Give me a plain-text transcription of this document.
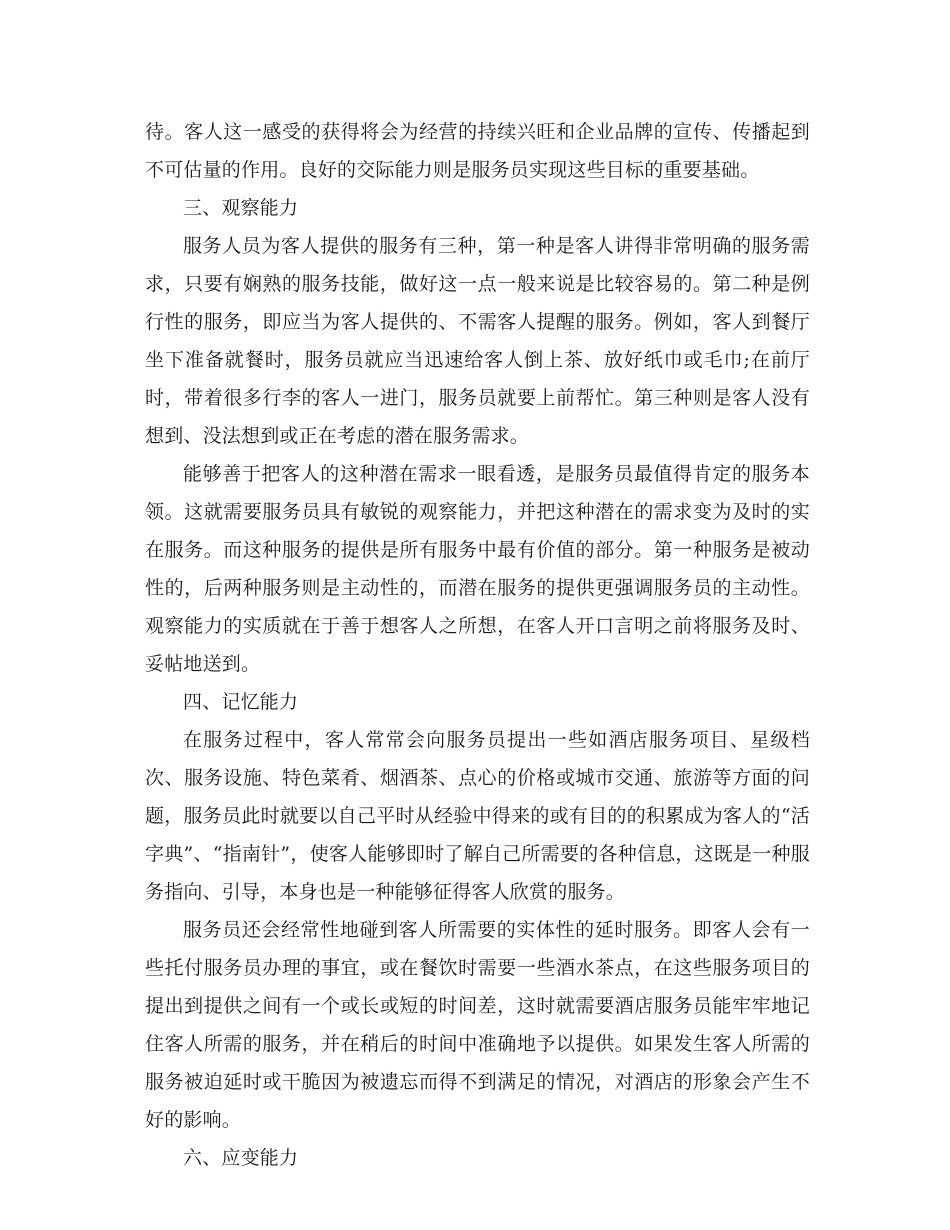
待。客人这一感受的获得将会为经营的持续兴旺和企业品牌的宣传、传播起到不可估量的作用。良好的交际能力则是服务员实现这些目标的重要基础。

三、观察能力

服务人员为客人提供的服务有三种，第一种是客人讲得非常明确的服务需求，只要有娴熟的服务技能，做好这一点一般来说是比较容易的。第二种是例行性的服务，即应当为客人提供的、不需客人提醒的服务。例如，客人到餐厅坐下准备就餐时，服务员就应当迅速给客人倒上茶、放好纸巾或毛巾;在前厅时，带着很多行李的客人一进门，服务员就要上前帮忙。第三种则是客人没有想到、没法想到或正在考虑的潜在服务需求。

能够善于把客人的这种潜在需求一眼看透，是服务员最值得肯定的服务本领。这就需要服务员具有敏锐的观察能力，并把这种潜在的需求变为及时的实在服务。而这种服务的提供是所有服务中最有价值的部分。第一种服务是被动性的，后两种服务则是主动性的，而潜在服务的提供更强调服务员的主动性。观察能力的实质就在于善于想客人之所想，在客人开口言明之前将服务及时、妥帖地送到。

四、记忆能力

在服务过程中，客人常常会向服务员提出一些如酒店服务项目、星级档次、服务设施、特色菜肴、烟酒茶、点心的价格或城市交通、旅游等方面的问题，服务员此时就要以自己平时从经验中得来的或有目的的积累成为客人的“活字典”、“指南针”，使客人能够即时了解自己所需要的各种信息，这既是一种服务指向、引导，本身也是一种能够征得客人欣赏的服务。

服务员还会经常性地碰到客人所需要的实体性的延时服务。即客人会有一些托付服务员办理的事宜，或在餐饮时需要一些酒水茶点，在这些服务项目的提出到提供之间有一个或长或短的时间差，这时就需要酒店服务员能牢牢地记住客人所需的服务，并在稍后的时间中准确地予以提供。如果发生客人所需的服务被迫延时或干脆因为被遗忘而得不到满足的情况，对酒店的形象会产生不好的影响。

六、应变能力
